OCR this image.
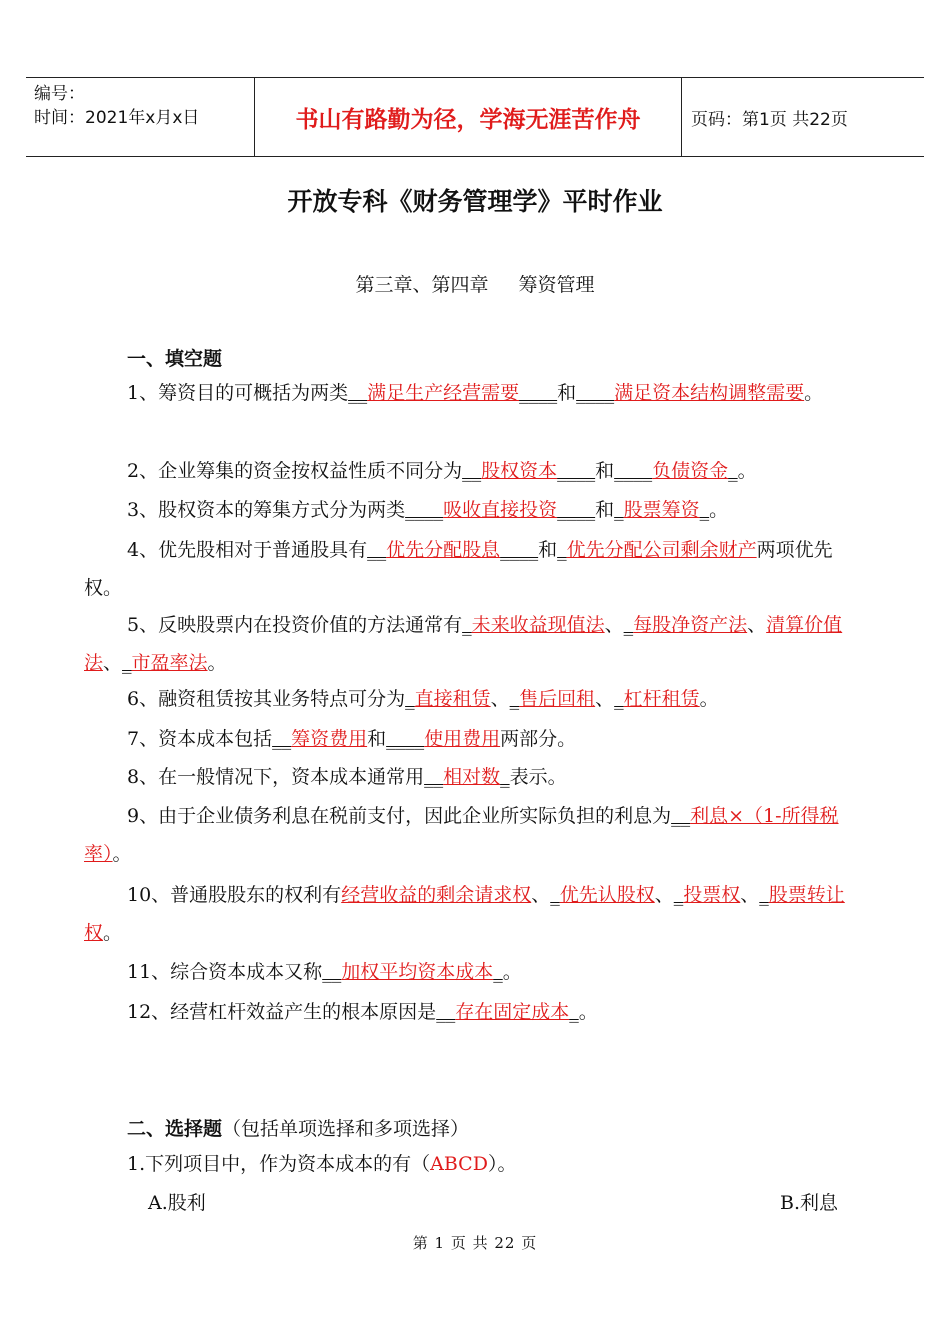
编号：
时间：2021年x月x日	书山有路勤为径，学海无涯苦作舟	页码：第1页 共22页
开放专科《财务管理学》平时作业
第三章、第四章 筹资管理
一、填空题
1、筹资目的可概括为两类__满足生产经营需要____和____满足资本结构调整需要。
2、企业筹集的资金按权益性质不同分为__股权资本____和____负债资金_。
3、股权资本的筹集方式分为两类____吸收直接投资____和_股票筹资_。
4、优先股相对于普通股具有__优先分配股息____和_优先分配公司剩余财产两项优先权。
5、反映股票内在投资价值的方法通常有_未来收益现值法、_每股净资产法、清算价值法、_市盈率法。
6、融资租赁按其业务特点可分为_直接租赁、_售后回租、_杠杆租赁。
7、资本成本包括__筹资费用和____使用费用两部分。
8、在一般情况下，资本成本通常用__相对数_表示。
9、由于企业债务利息在税前支付，因此企业所实际负担的利息为__利息×（1-所得税率）。
10、普通股股东的权利有经营收益的剩余请求权、_优先认股权、_投票权、_股票转让权。
11、综合资本成本又称__加权平均资本成本_。
12、经营杠杆效益产生的根本原因是__存在固定成本_。
二、选择题（包括单项选择和多项选择）
1.下列项目中，作为资本成本的有（ABCD）。
A.股利	B.利息
第 1 页 共 22 页
